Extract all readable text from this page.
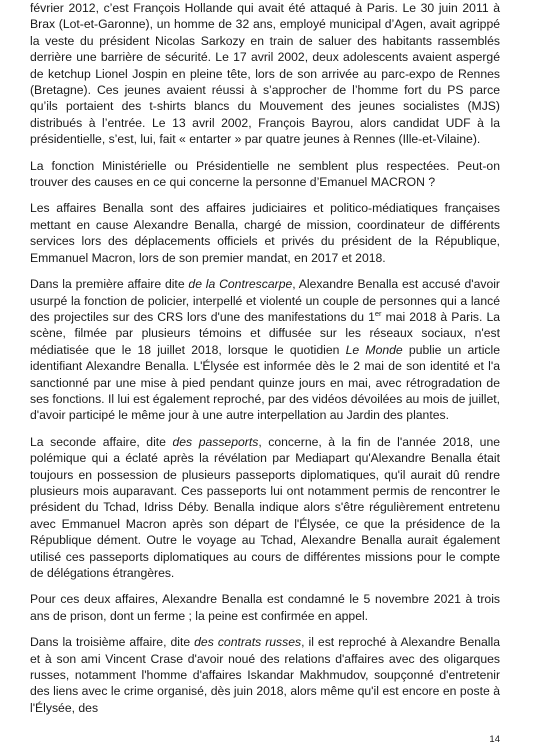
février 2012, c’est François Hollande qui avait été attaqué à Paris. Le 30 juin 2011 à Brax (Lot-et-Garonne), un homme de 32 ans, employé municipal d’Agen, avait agrippé la veste du président Nicolas Sarkozy en train de saluer des habitants rassemblés derrière une barrière de sécurité. Le 17 avril 2002, deux adolescents avaient aspergé de ketchup Lionel Jospin en pleine tête, lors de son arrivée au parc-expo de Rennes (Bretagne). Ces jeunes avaient réussi à s’approcher de l’homme fort du PS parce qu’ils portaient des t-shirts blancs du Mouvement des jeunes socialistes (MJS) distribués à l’entrée. Le 13 avril 2002, François Bayrou, alors candidat UDF à la présidentielle, s’est, lui, fait « entarter » par quatre jeunes à Rennes (Ille-et-Vilaine).

La fonction Ministérielle ou Présidentielle ne semblent plus respectées. Peut-on trouver des causes en ce qui concerne la personne d’Emanuel MACRON ?

Les affaires Benalla sont des affaires judiciaires et politico-médiatiques françaises mettant en cause Alexandre Benalla, chargé de mission, coordinateur de différents services lors des déplacements officiels et privés du président de la République, Emmanuel Macron, lors de son premier mandat, en 2017 et 2018.

Dans la première affaire dite de la Contrescarpe, Alexandre Benalla est accusé d'avoir usurpé la fonction de policier, interpellé et violenté un couple de personnes qui a lancé des projectiles sur des CRS lors d'une des manifestations du 1er mai 2018 à Paris. La scène, filmée par plusieurs témoins et diffusée sur les réseaux sociaux, n'est médiatisée que le 18 juillet 2018, lorsque le quotidien Le Monde publie un article identifiant Alexandre Benalla. L'Élysée est informée dès le 2 mai de son identité et l'a sanctionné par une mise à pied pendant quinze jours en mai, avec rétrogradation de ses fonctions. Il lui est également reproché, par des vidéos dévoilées au mois de juillet, d'avoir participé le même jour à une autre interpellation au Jardin des plantes.

La seconde affaire, dite des passeports, concerne, à la fin de l'année 2018, une polémique qui a éclaté après la révélation par Mediapart qu'Alexandre Benalla était toujours en possession de plusieurs passeports diplomatiques, qu'il aurait dû rendre plusieurs mois auparavant. Ces passeports lui ont notamment permis de rencontrer le président du Tchad, Idriss Déby. Benalla indique alors s'être régulièrement entretenu avec Emmanuel Macron après son départ de l'Élysée, ce que la présidence de la République dément. Outre le voyage au Tchad, Alexandre Benalla aurait également utilisé ces passeports diplomatiques au cours de différentes missions pour le compte de délégations étrangères.

Pour ces deux affaires, Alexandre Benalla est condamné le 5 novembre 2021 à trois ans de prison, dont un ferme ; la peine est confirmée en appel.

Dans la troisième affaire, dite des contrats russes, il est reproché à Alexandre Benalla et à son ami Vincent Crase d'avoir noué des relations d'affaires avec des oligarques russes, notamment l'homme d'affaires Iskandar Makhmudov, soupçonné d'entretenir des liens avec le crime organisé, dès juin 2018, alors même qu'il est encore en poste à l'Élysée, des

14
